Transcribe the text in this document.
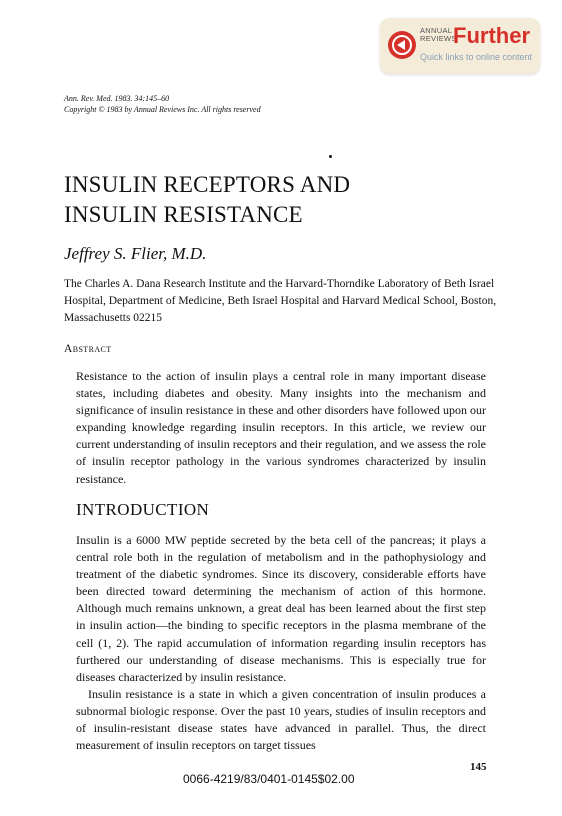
ANNUAL
REVIEWS
Further
Quick links to online content
Ann. Rev. Med. 1983. 34:145–60
Copyright © 1983 by Annual Reviews Inc. All rights reserved
INSULIN RECEPTORS AND
INSULIN RESISTANCE
Jeffrey S. Flier, M.D.
The Charles A. Dana Research Institute and the Harvard-Thorndike Laboratory of Beth Israel Hospital, Department of Medicine, Beth Israel Hospital and Harvard Medical School, Boston, Massachusetts 02215
Abstract

Resistance to the action of insulin plays a central role in many important disease states, including diabetes and obesity. Many insights into the mechanism and significance of insulin resistance in these and other disorders have followed upon our expanding knowledge regarding insulin receptors. In this article, we review our current understanding of insulin receptors and their regulation, and we assess the role of insulin receptor pathology in the various syndromes characterized by insulin resistance.

INTRODUCTION

Insulin is a 6000 MW peptide secreted by the beta cell of the pancreas; it plays a central role both in the regulation of metabolism and in the pathophysiology and treatment of the diabetic syndromes. Since its discovery, considerable efforts have been directed toward determining the mechanism of action of this hormone. Although much remains unknown, a great deal has been learned about the first step in insulin action—the binding to specific receptors in the plasma membrane of the cell (1, 2). The rapid accumulation of information regarding insulin receptors has furthered our understanding of disease mechanisms. This is especially true for diseases characterized by insulin resistance.

Insulin resistance is a state in which a given concentration of insulin produces a subnormal biologic response. Over the past 10 years, studies of insulin receptors and of insulin-resistant disease states have advanced in parallel. Thus, the direct measurement of insulin receptors on target tissues

145
0066-4219/83/0401-0145$02.00
